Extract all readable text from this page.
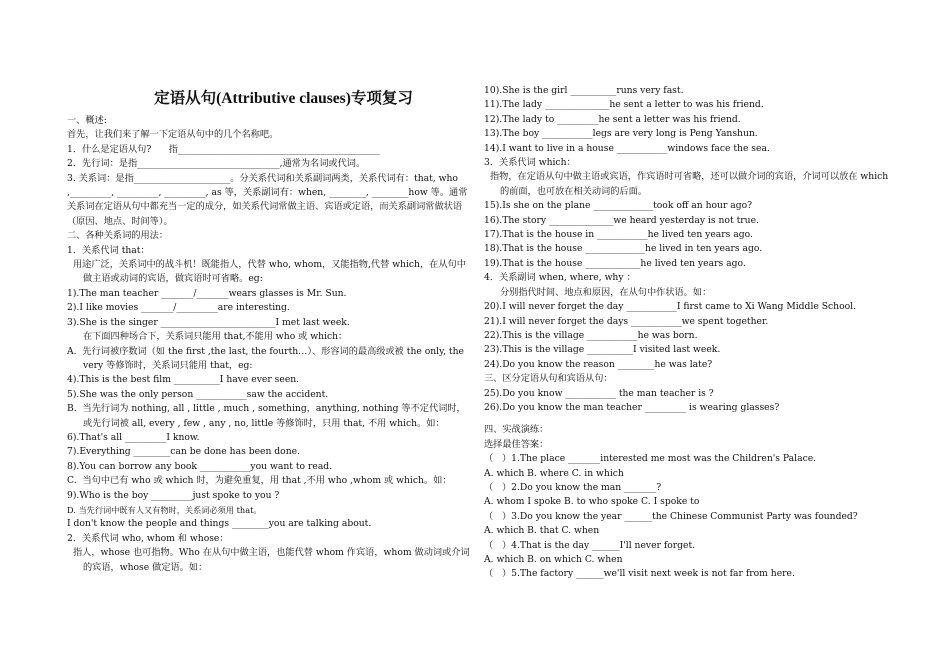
定语从句(Attributive clauses)专项复习
一、概述:
首先，让我们来了解一下定语从句中的几个名称吧。
1．什么是定语从句?      指____________________________________________
2．先行词：是指_______________________________,通常为名词或代词。
3. 关系词：是指_____________________。分关系代词和关系副词两类，关系代词有：that, who ,_________, _________, _________, as 等，关系副词有：when, ________, ________how 等。通常关系词在定语从句中都充当一定的成分，如关系代词常做主语、宾语或定语，而关系副词常做状语（原因、地点、时间等）。
二、各种关系词的用法：
1．关系代词 that：
用途广泛，关系词中的战斗机！既能指人，代替 who, whom，又能指物,代替 which，在从句中做主语或动词的宾语，做宾语时可省略。eg:
1).The man teacher _______/_______wears glasses is Mr. Sun.
2).I like movies _______/_________are interesting.
3).She is the singer _________________________I met last week.
在下面四种场合下，关系词只能用 that,不能用 who 或 which：
A.  先行词被序数词（如 the first ,the last, the fourth…）、形容词的最高级或被 the only, the very 等修饰时，关系词只能用 that，eg:
4).This is the best film __________I have ever seen.
5).She was the only person ___________saw the accident.
B.  当先行词为 nothing, all , little , much , something，anything, nothing 等不定代词时，或先行词被 all, every , few , any , no, little 等修饰时，只用 that, 不用 which。如：
6).That's all _________I know.
7).Everything ________can be done has been done.
8).You can borrow any book ___________you want to read.
C.  当句中已有 who 或 which 时，为避免重复，用 that ,不用 who ,whom 或 which。如：
9).Who is the boy _________just spoke to you ?
D. 当先行词中既有人又有物时，关系词必须用 that。
I don't know the people and things ________you are talking about.
2．关系代词 who, whom 和 whose：
指人，whose 也可指物。Who 在从句中做主语，也能代替 whom 作宾语，whom 做动词或介词的宾语，whose 做定语。如：
10).She is the girl __________runs very fast.
11).The lady ______________he sent a letter to was his friend.
12).The lady to _________he sent a letter was his friend.
13).The boy ___________legs are very long is Peng Yanshun.
14).I want to live in a house ___________windows face the sea.
3．关系代词 which：
指物，在定语从句中做主语或宾语，作宾语时可省略，还可以做介词的宾语，介词可以放在 which 的前面，也可放在相关动词的后面。
15).Is she on the plane _____________took off an hour ago?
16).The story ______________we heard yesterday is not true.
17).That is the house in ___________he lived ten years ago.
18).That is the house _____________he lived in ten years ago.
19).That is the house ____________he lived ten years ago.
4．关系副词 when, where, why ：
分别指代时间、地点和原因，在从句中作状语。如：
20).I will never forget the day ___________I first came to Xi Wang Middle School.
21).I will never forget the days ___________we spent together.
22).This is the village ___________he was born.
23).This is the village __________I visited last week.
24).Do you know the reason ________he was late?
三、区分定语从句和宾语从句：
25).Do you know ___________ the man teacher is ?
26).Do you know the man teacher _________ is wearing glasses?
四、实战演练：
选择最佳答案：
（   ）1.The place _______interested me most was the Children's Palace.
A. which B. where C. in which
（   ）2.Do you know the man _______?
A. whom I spoke B. to who spoke C. I spoke to
（   ）3.Do you know the year ______the Chinese Communist Party was founded?
A. which B. that C. when
（   ）4.That is the day ______I'll never forget.
A. which B. on which C. when
（   ）5.The factory ______we'll visit next week is not far from here.
